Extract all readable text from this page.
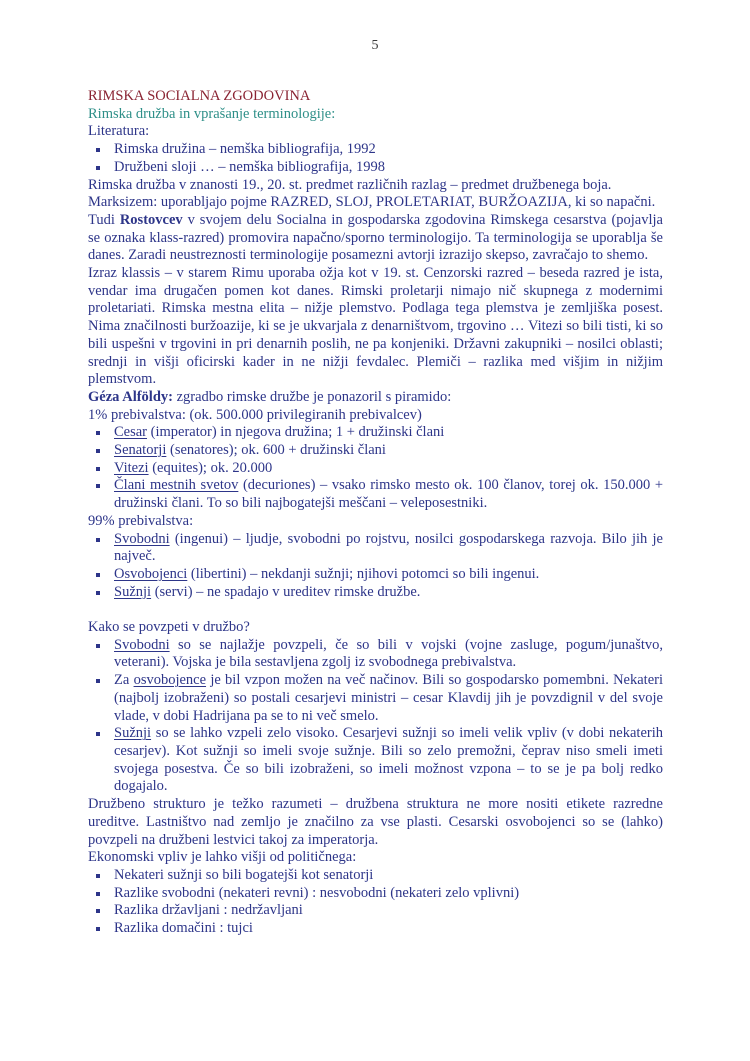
5

RIMSKA SOCIALNA ZGODOVINA

Rimska družba in vprašanje terminologije:

Literatura:

Rimska družina – nemška bibliografija, 1992
Družbeni sloji … – nemška bibliografija, 1998

Rimska družba v znanosti 19., 20. st. predmet različnih razlag – predmet družbenega boja.

Marksizem: uporabljajo pojme RAZRED, SLOJ, PROLETARIAT, BURŽOAZIJA, ki so napačni.

Tudi Rostovcev v svojem delu Socialna in gospodarska zgodovina Rimskega cesarstva (pojavlja se oznaka klass-razred) promovira napačno/sporno terminologijo. Ta terminologija se uporablja še danes. Zaradi neustreznosti terminologije posamezni avtorji izrazijo skepso, zavračajo to shemo.

Izraz klassis – v starem Rimu uporaba ožja kot v 19. st. Cenzorski razred – beseda razred je ista, vendar ima drugačen pomen kot danes. Rimski proletarji nimajo nič skupnega z modernimi proletariati. Rimska mestna elita – nižje plemstvo. Podlaga tega plemstva je zemljiška posest. Nima značilnosti buržoazije, ki se je ukvarjala z denarništvom, trgovino … Vitezi so bili tisti, ki so bili uspešni v trgovini in pri denarnih poslih, ne pa konjeniki. Državni zakupniki – nosilci oblasti; srednji in višji oficirski kader in ne nižji fevdalec. Plemiči – razlika med višjim in nižjim plemstvom.

Géza Alföldy: zgradbo rimske družbe je ponazoril s piramido:

1% prebivalstva: (ok. 500.000 privilegiranih prebivalcev)

Cesar (imperator) in njegova družina; 1 + družinski člani
Senatorji (senatores); ok. 600 + družinski člani
Vitezi (equites); ok. 20.000
Člani mestnih svetov (decuriones) – vsako rimsko mesto ok. 100 članov, torej ok. 150.000 + družinski člani. To so bili najbogatejši meščani – veleposestniki.

99% prebivalstva:

Svobodni (ingenui) – ljudje, svobodni po rojstvu, nosilci gospodarskega razvoja. Bilo jih je največ.
Osvobojenci (libertini) – nekdanji sužnji; njihovi potomci so bili ingenui.
Sužnji (servi) – ne spadajo v ureditev rimske družbe.

Kako se povzpeti v družbo?

Svobodni so se najlažje povzpeli, če so bili v vojski (vojne zasluge, pogum/junaštvo, veterani). Vojska je bila sestavljena zgolj iz svobodnega prebivalstva.
Za osvobojence je bil vzpon možen na več načinov. Bili so gospodarsko pomembni. Nekateri (najbolj izobraženi) so postali cesarjevi ministri – cesar Klavdij jih je povzdignil v del svoje vlade, v dobi Hadrijana pa se to ni več smelo.
Sužnji so se lahko vzpeli zelo visoko. Cesarjevi sužnji so imeli velik vpliv (v dobi nekaterih cesarjev). Kot sužnji so imeli svoje sužnje. Bili so zelo premožni, čeprav niso smeli imeti svojega posestva. Če so bili izobraženi, so imeli možnost vzpona – to se je pa bolj redko dogajalo.

Družbeno strukturo je težko razumeti – družbena struktura ne more nositi etikete razredne ureditve. Lastništvo nad zemljo je značilno za vse plasti. Cesarski osvobojenci so se (lahko) povzpeli na družbeni lestvici takoj za imperatorja.

Ekonomski vpliv je lahko višji od političnega:

Nekateri sužnji so bili bogatejši kot senatorji
Razlike svobodni (nekateri revni) : nesvobodni (nekateri zelo vplivni)
Razlika državljani : nedržavljani
Razlika domačini : tujci
